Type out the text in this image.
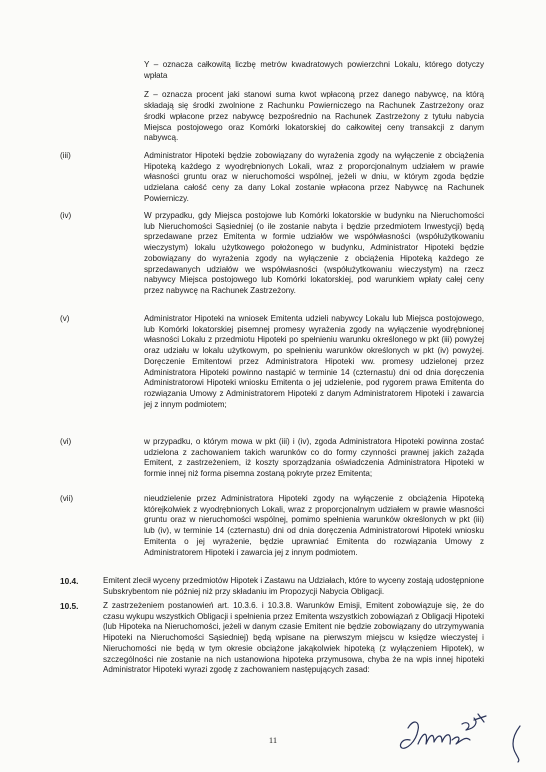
Y – oznacza całkowitą liczbę metrów kwadratowych powierzchni Lokalu, którego dotyczy wpłata

Z – oznacza procent jaki stanowi suma kwot wpłaconą przez danego nabywcę, na którą składają się środki zwolnione z Rachunku Powierniczego na Rachunek Zastrzeżony oraz środki wpłacone przez nabywcę bezpośrednio na Rachunek Zastrzeżony z tytułu nabycia Miejsca postojowego oraz Komórki lokatorskiej do całkowitej ceny transakcji z danym nabywcą.

(iii)	Administrator Hipoteki będzie zobowiązany do wyrażenia zgody na wyłączenie z obciążenia Hipoteką każdego z wyodrębnionych Lokali, wraz z proporcjonalnym udziałem w prawie własności gruntu oraz w nieruchomości wspólnej, jeżeli w dniu, w którym zgoda będzie udzielana całość ceny za dany Lokal zostanie wpłacona przez Nabywcę na Rachunek Powierniczy.

(iv)	W przypadku, gdy Miejsca postojowe lub Komórki lokatorskie w budynku na Nieruchomości lub Nieruchomości Sąsiedniej (o ile zostanie nabyta i będzie przedmiotem Inwestycji) będą sprzedawane przez Emitenta w formie udziałów we współwłasności (współużytkowaniu wieczystym) lokalu użytkowego położonego w budynku, Administrator Hipoteki będzie zobowiązany do wyrażenia zgody na wyłączenie z obciążenia Hipoteką każdego ze sprzedawanych udziałów we współwłasności (współużytkowaniu wieczystym) na rzecz nabywcy Miejsca postojowego lub Komórki lokatorskiej, pod warunkiem wpłaty całej ceny przez nabywcę na Rachunek Zastrzeżony.

(v)	Administrator Hipoteki na wniosek Emitenta udzieli nabywcy Lokalu lub Miejsca postojowego, lub Komórki lokatorskiej pisemnej promesy wyrażenia zgody na wyłączenie wyodrębnionej własności Lokalu z przedmiotu Hipoteki po spełnieniu warunku określonego w pkt (iii) powyżej oraz udziału w lokalu użytkowym, po spełnieniu warunków określonych w pkt (iv) powyżej. Doręczenie Emitentowi przez Administratora Hipoteki ww. promesy udzielonej przez Administratora Hipoteki powinno nastąpić w terminie 14 (czternastu) dni od dnia doręczenia Administratorowi Hipoteki wniosku Emitenta o jej udzielenie, pod rygorem prawa Emitenta do rozwiązania Umowy z Administratorem Hipoteki z danym Administratorem Hipoteki i zawarcia jej z innym podmiotem;

(vi)	w przypadku, o którym mowa w pkt (iii) i (iv), zgoda Administratora Hipoteki powinna zostać udzielona z zachowaniem takich warunków co do formy czynności prawnej jakich zażąda Emitent, z zastrzeżeniem, iż koszty sporządzania oświadczenia Administratora Hipoteki w formie innej niż forma pisemna zostaną pokryte przez Emitenta;

(vii)	nieudzielenie przez Administratora Hipoteki zgody na wyłączenie z obciążenia Hipoteką którejkolwiek z wyodrębnionych Lokali, wraz z proporcjonalnym udziałem w prawie własności gruntu oraz w nieruchomości wspólnej, pomimo spełnienia warunków określonych w pkt (iii) lub (iv), w terminie 14 (czternastu) dni od dnia doręczenia Administratorowi Hipoteki wniosku Emitenta o jej wyrażenie, będzie uprawniać Emitenta do rozwiązania Umowy z Administratorem Hipoteki i zawarcia jej z innym podmiotem.

10.4.	Emitent zlecił wyceny przedmiotów Hipotek i Zastawu na Udziałach, które to wyceny zostają udostępnione Subskrybentom nie później niż przy składaniu im Propozycji Nabycia Obligacji.

10.5.	Z zastrzeżeniem postanowień art. 10.3.6. i 10.3.8. Warunków Emisji, Emitent zobowiązuje się, że do czasu wykupu wszystkich Obligacji i spełnienia przez Emitenta wszystkich zobowiązań z Obligacji Hipoteki (lub Hipoteka na Nieruchomości, jeżeli w danym czasie Emitent nie będzie zobowiązany do utrzymywania Hipoteki na Nieruchomości Sąsiedniej) będą wpisane na pierwszym miejscu w księdze wieczystej i Nieruchomości nie będą w tym okresie obciążone jakąkolwiek hipoteką (z wyłączeniem Hipotek), w szczególności nie zostanie na nich ustanowiona hipoteka przymusowa, chyba że na wpis innej hipoteki Administrator Hipoteki wyrazi zgodę z zachowaniem następujących zasad:

11
